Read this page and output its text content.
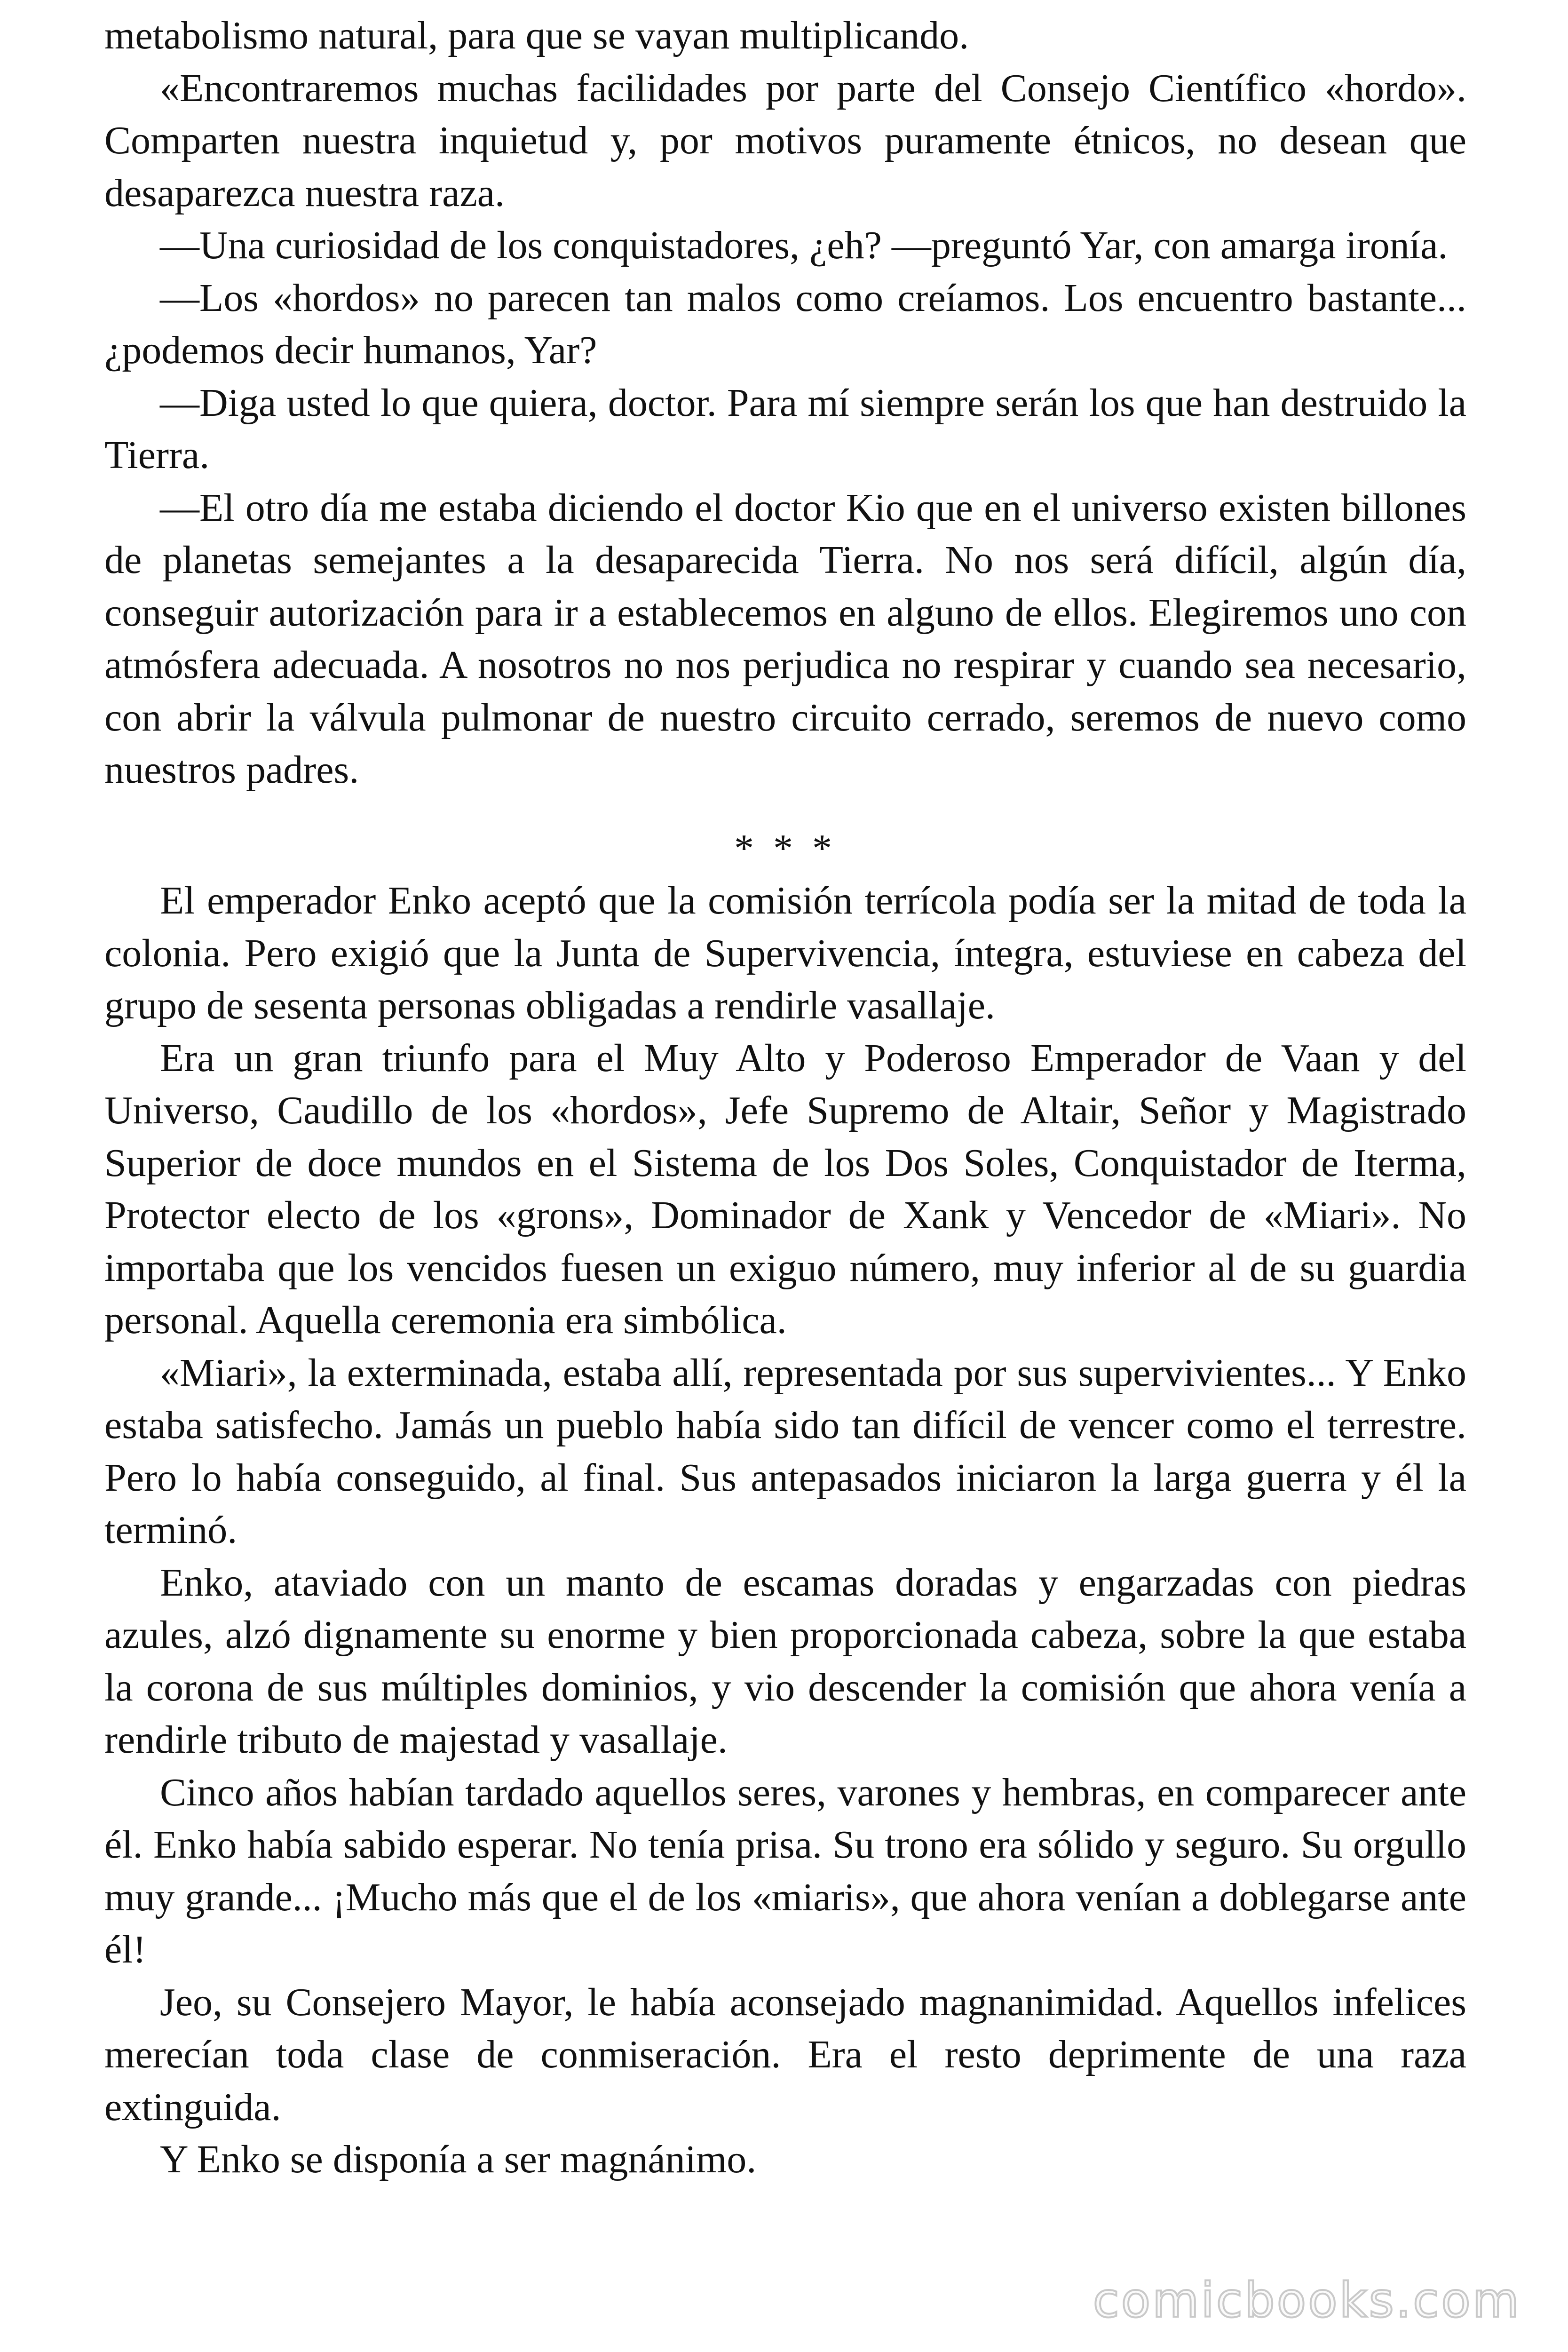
metabolismo natural, para que se vayan multiplicando.

«Encontraremos muchas facilidades por parte del Consejo Científico «hordo». Comparten nuestra inquietud y, por motivos puramente étnicos, no desean que desaparezca nuestra raza.

—Una curiosidad de los conquistadores, ¿eh? —preguntó Yar, con amarga ironía.

—Los «hordos» no parecen tan malos como creíamos. Los encuentro bastante... ¿podemos decir humanos, Yar?

—Diga usted lo que quiera, doctor. Para mí siempre serán los que han destruido la Tierra.

—El otro día me estaba diciendo el doctor Kio que en el universo existen billones de planetas semejantes a la desaparecida Tierra. No nos será difícil, algún día, conseguir autorización para ir a establecemos en alguno de ellos. Elegiremos uno con atmósfera adecuada. A nosotros no nos perjudica no respirar y cuando sea necesario, con abrir la válvula pulmonar de nuestro circuito cerrado, seremos de nuevo como nuestros padres.

* * *

El emperador Enko aceptó que la comisión terrícola podía ser la mitad de toda la colonia. Pero exigió que la Junta de Supervivencia, íntegra, estuviese en cabeza del grupo de sesenta personas obligadas a rendirle vasallaje.

Era un gran triunfo para el Muy Alto y Poderoso Emperador de Vaan y del Universo, Caudillo de los «hordos», Jefe Supremo de Altair, Señor y Magistrado Superior de doce mundos en el Sistema de los Dos Soles, Conquistador de Iterma, Protector electo de los «grons», Dominador de Xank y Vencedor de «Miari». No importaba que los vencidos fuesen un exiguo número, muy inferior al de su guardia personal. Aquella ceremonia era simbólica.

«Miari», la exterminada, estaba allí, representada por sus supervivientes... Y Enko estaba satisfecho. Jamás un pueblo había sido tan difícil de vencer como el terrestre. Pero lo había conseguido, al final. Sus antepasados iniciaron la larga guerra y él la terminó.

Enko, ataviado con un manto de escamas doradas y engarzadas con piedras azules, alzó dignamente su enorme y bien proporcionada cabeza, sobre la que estaba la corona de sus múltiples dominios, y vio descender la comisión que ahora venía a rendirle tributo de majestad y vasallaje.

Cinco años habían tardado aquellos seres, varones y hembras, en comparecer ante él. Enko había sabido esperar. No tenía prisa. Su trono era sólido y seguro. Su orgullo muy grande... ¡Mucho más que el de los «miaris», que ahora venían a doblegarse ante él!

Jeo, su Consejero Mayor, le había aconsejado magnanimidad. Aquellos infelices merecían toda clase de conmiseración. Era el resto deprimente de una raza extinguida.

Y Enko se disponía a ser magnánimo.

comicbooks.com
